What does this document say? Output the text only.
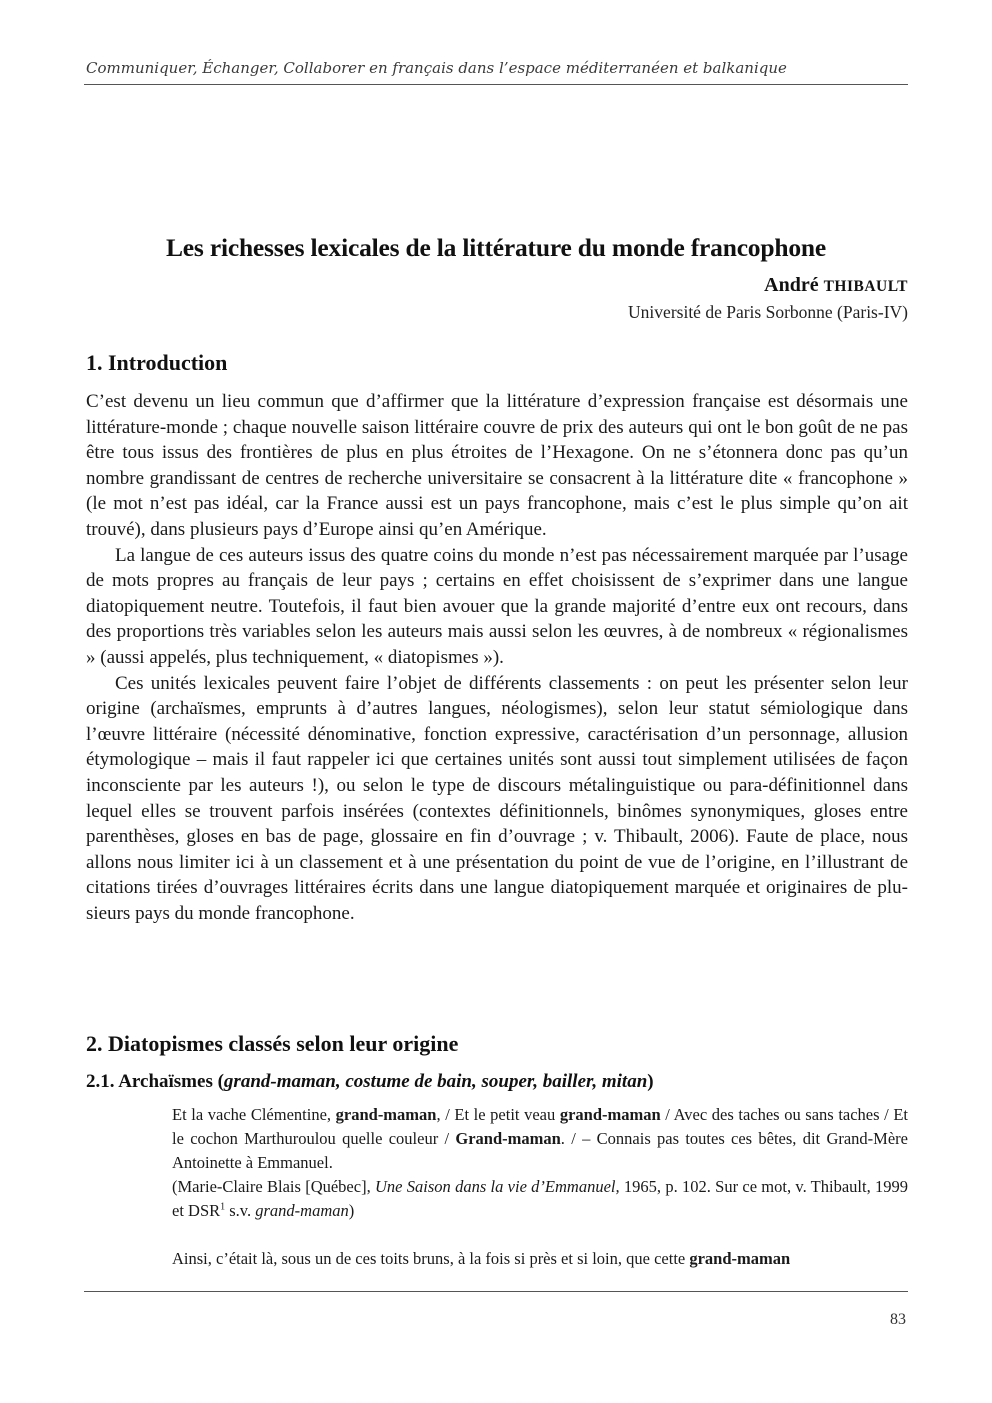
Communiquer, Échanger, Collaborer en français dans l’espace méditerranéen et balkanique
Les richesses lexicales de la littérature du monde francophone
André THIBAULT
Université de Paris Sorbonne (Paris-IV)
1. Introduction

C’est devenu un lieu commun que d’affirmer que la littérature d’expression française est désormais une littérature-monde ; chaque nouvelle saison littéraire couvre de prix des auteurs qui ont le bon goût de ne pas être tous issus des frontières de plus en plus étroites de l’Hexagone. On ne s’étonnera donc pas qu’un nombre grandissant de centres de recherche universitaire se consacrent à la littérature dite « francophone » (le mot n’est pas idéal, car la France aussi est un pays francophone, mais c’est le plus simple qu’on ait trouvé), dans plusieurs pays d’Europe ainsi qu’en Amérique.

La langue de ces auteurs issus des quatre coins du monde n’est pas nécessairement marquée par l’usage de mots propres au français de leur pays ; certains en effet choisissent de s’exprimer dans une langue diatopiquement neutre. Toutefois, il faut bien avouer que la grande majorité d’entre eux ont recours, dans des proportions très variables selon les auteurs mais aussi selon les œuvres, à de nombreux « régionalismes » (aussi appelés, plus techniquement, « diatopismes »).

Ces unités lexicales peuvent faire l’objet de différents classements : on peut les présenter selon leur origine (archaïsmes, emprunts à d’autres langues, néologismes), selon leur statut sémiologique dans l’œuvre littéraire (nécessité dénominative, fonction expressive, caractérisation d’un personnage, allusion étymologique – mais il faut rappeler ici que certaines unités sont aussi tout simplement utilisées de façon inconsciente par les auteurs !), ou selon le type de discours métalinguistique ou para-définitionnel dans lequel elles se trouvent parfois insérées (contextes définitionnels, binômes synonymiques, gloses entre parenthèses, gloses en bas de page, glossaire en fin d’ouvrage ; v. Thibault, 2006). Faute de place, nous allons nous limiter ici à un classement et à une présentation du point de vue de l’origine, en l’illustrant de citations tirées d’ouvrages littéraires écrits dans une langue diatopiquement marquée et originaires de plusieurs pays du monde francophone.

2. Diatopismes classés selon leur origine
2.1. Archaïsmes (grand-maman, costume de bain, souper, bailler, mitan)

Et la vache Clémentine, grand-maman, / Et le petit veau grand-maman / Avec des taches ou sans taches / Et le cochon Marthuroulou quelle couleur / Grand-maman. / – Connais pas toutes ces bêtes, dit Grand-Mère Antoinette à Emmanuel.

(Marie-Claire Blais [Québec], Une Saison dans la vie d’Emmanuel, 1965, p. 102. Sur ce mot, v. Thibault, 1999 et DSR$^1$ s.v. grand-maman)

Ainsi, c’était là, sous un de ces toits bruns, à la fois si près et si loin, que cette grand-maman

83
